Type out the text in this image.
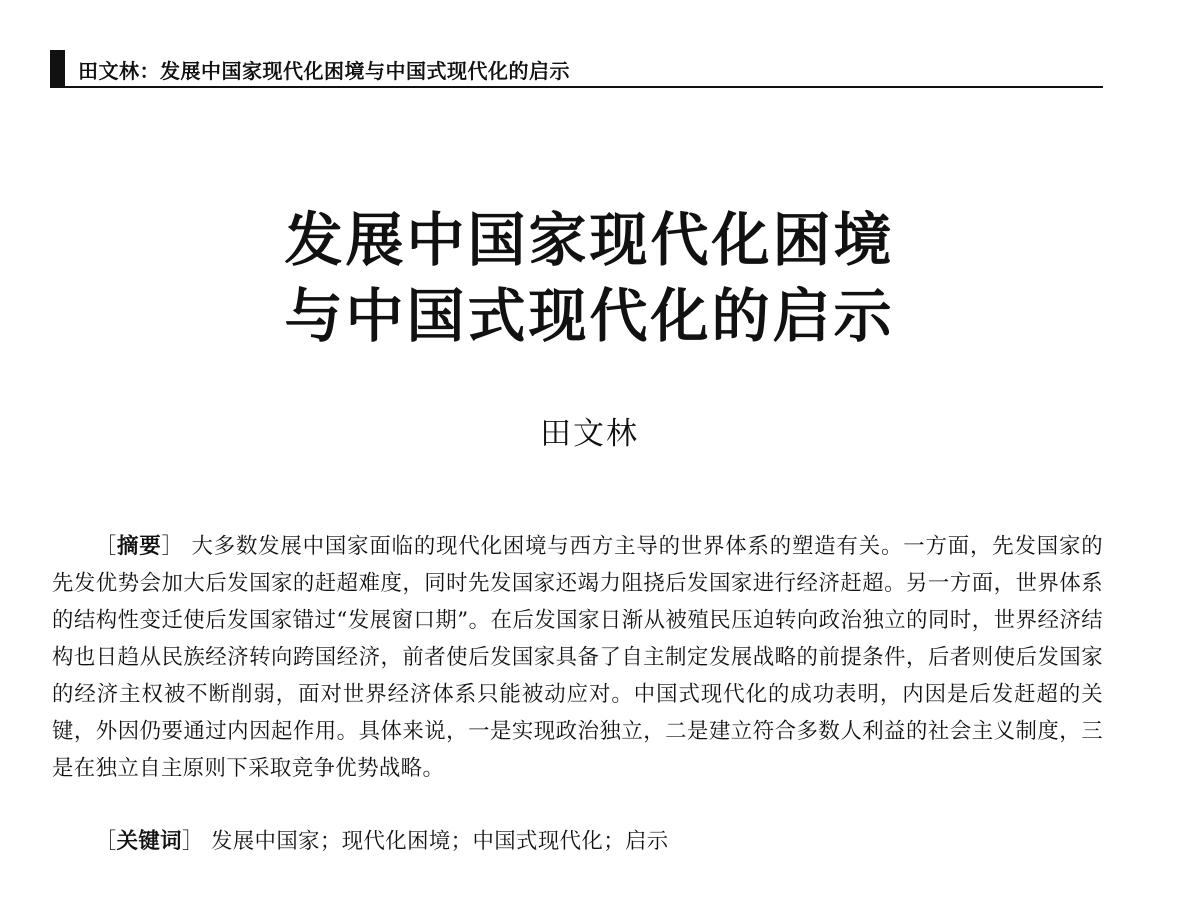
田文林：发展中国家现代化困境与中国式现代化的启示
发展中国家现代化困境
与中国式现代化的启示
田文林

［摘要］ 大多数发展中国家面临的现代化困境与西方主导的世界体系的塑造有关。一方面，先发国家的先发优势会加大后发国家的赶超难度，同时先发国家还竭力阻挠后发国家进行经济赶超。另一方面，世界体系的结构性变迁使后发国家错过“发展窗口期”。在后发国家日渐从被殖民压迫转向政治独立的同时，世界经济结构也日趋从民族经济转向跨国经济，前者使后发国家具备了自主制定发展战略的前提条件，后者则使后发国家的经济主权被不断削弱，面对世界经济体系只能被动应对。中国式现代化的成功表明，内因是后发赶超的关键，外因仍要通过内因起作用。具体来说，一是实现政治独立，二是建立符合多数人利益的社会主义制度，三是在独立自主原则下采取竞争优势战略。

［关键词］ 发展中国家；现代化困境；中国式现代化；启示
